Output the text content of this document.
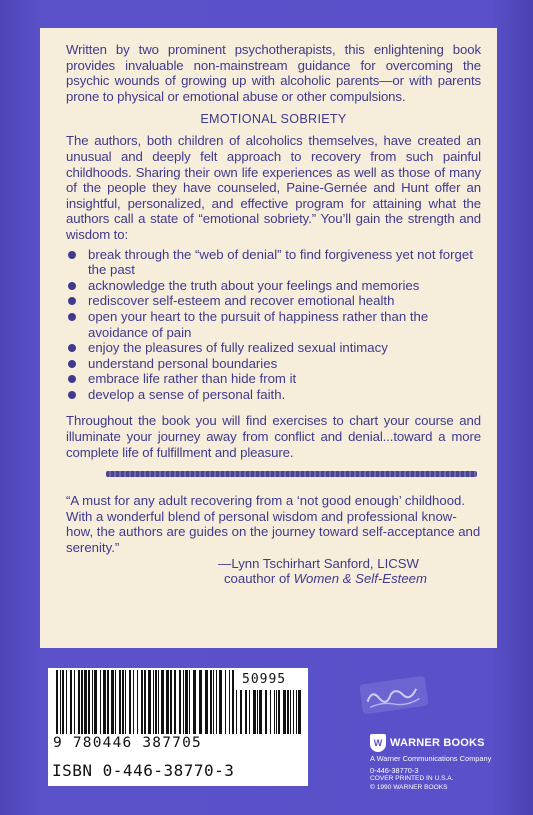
Written by two prominent psychotherapists, this enlightening book provides invaluable non-mainstream guidance for overcoming the psychic wounds of growing up with alcoholic parents—or with parents prone to physical or emotional abuse or other compulsions.

EMOTIONAL SOBRIETY

The authors, both children of alcoholics themselves, have created an unusual and deeply felt approach to recovery from such painful childhoods. Sharing their own life experiences as well as those of many of the people they have counseled, Paine-Gernée and Hunt offer an insightful, personalized, and effective program for attaining what the authors call a state of “emotional sobriety.” You’ll gain the strength and wisdom to:

break through the “web of denial” to find forgiveness yet not forget the past
acknowledge the truth about your feelings and memories
rediscover self-esteem and recover emotional health
open your heart to the pursuit of happiness rather than the avoidance of pain
enjoy the pleasures of fully realized sexual intimacy
understand personal boundaries
embrace life rather than hide from it
develop a sense of personal faith.

Throughout the book you will find exercises to chart your course and illuminate your journey away from conflict and denial...toward a more complete life of fulfillment and pleasure.

“A must for any adult recovering from a ‘not good enough’ childhood. With a wonderful blend of personal wisdom and professional know-how, the authors are guides on the journey toward self-acceptance and serenity.”

—Lynn Tschirhart Sanford, LICSW
coauthor of Women & Self-Esteem
50995
9 780446 387705
ISBN 0-446-38770-3
W WARNER BOOKS
A Warner Communications Company
0-446-38770-3
COVER PRINTED IN U.S.A.
© 1990 WARNER BOOKS
